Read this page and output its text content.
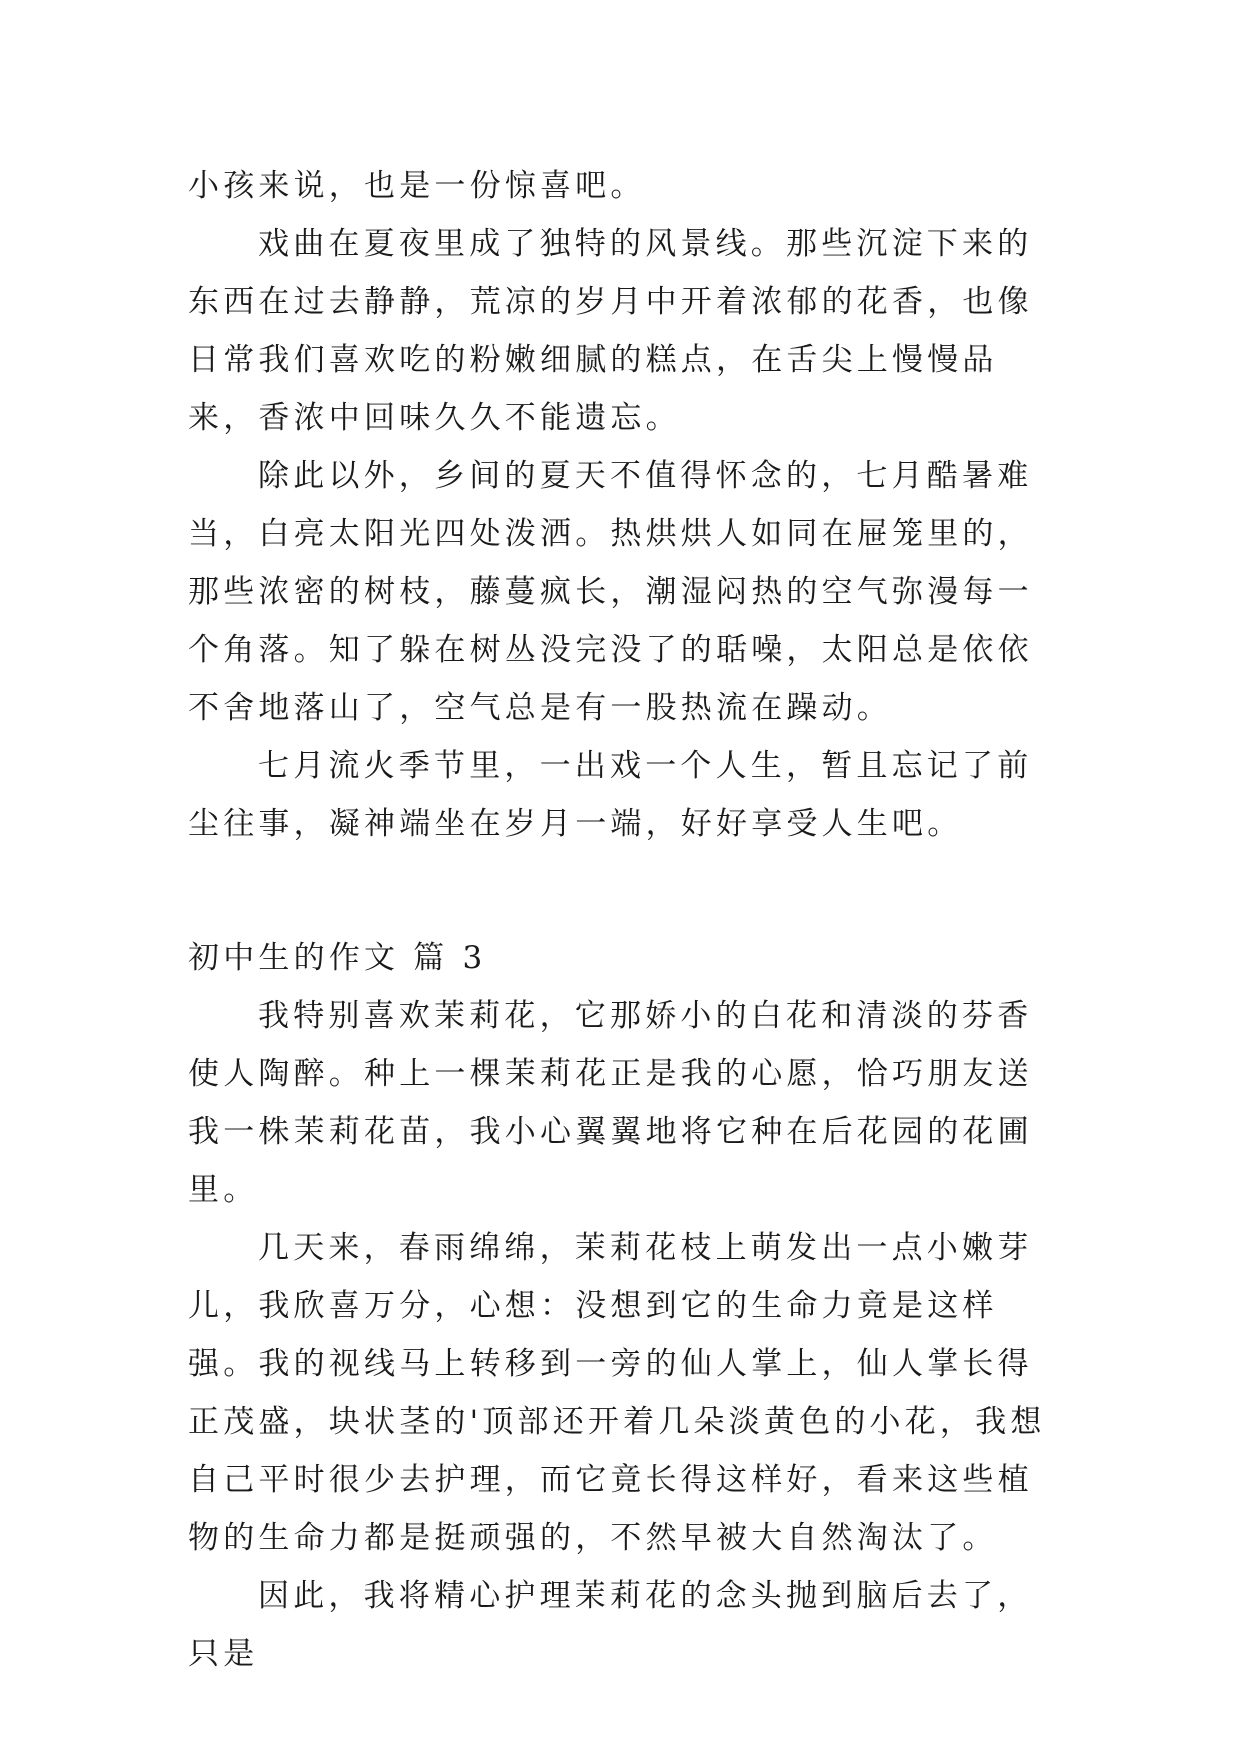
小孩来说，也是一份惊喜吧。

戏曲在夏夜里成了独特的风景线。那些沉淀下来的东西在过去静静，荒凉的岁月中开着浓郁的花香，也像日常我们喜欢吃的粉嫩细腻的糕点，在舌尖上慢慢品来，香浓中回味久久不能遗忘。

除此以外，乡间的夏天不值得怀念的，七月酷暑难当，白亮太阳光四处泼洒。热烘烘人如同在屉笼里的，那些浓密的树枝，藤蔓疯长，潮湿闷热的空气弥漫每一个角落。知了躲在树丛没完没了的聒噪，太阳总是依依不舍地落山了，空气总是有一股热流在躁动。

七月流火季节里，一出戏一个人生，暂且忘记了前尘往事，凝神端坐在岁月一端，好好享受人生吧。

初中生的作文 篇 3

我特别喜欢茉莉花，它那娇小的白花和清淡的芬香使人陶醉。种上一棵茉莉花正是我的心愿，恰巧朋友送我一株茉莉花苗，我小心翼翼地将它种在后花园的花圃里。

几天来，春雨绵绵，茉莉花枝上萌发出一点小嫩芽儿，我欣喜万分，心想：没想到它的生命力竟是这样强。我的视线马上转移到一旁的仙人掌上，仙人掌长得正茂盛，块状茎的'顶部还开着几朵淡黄色的小花，我想自己平时很少去护理，而它竟长得这样好，看来这些植物的生命力都是挺顽强的，不然早被大自然淘汰了。

因此，我将精心护理茉莉花的念头抛到脑后去了，只是
